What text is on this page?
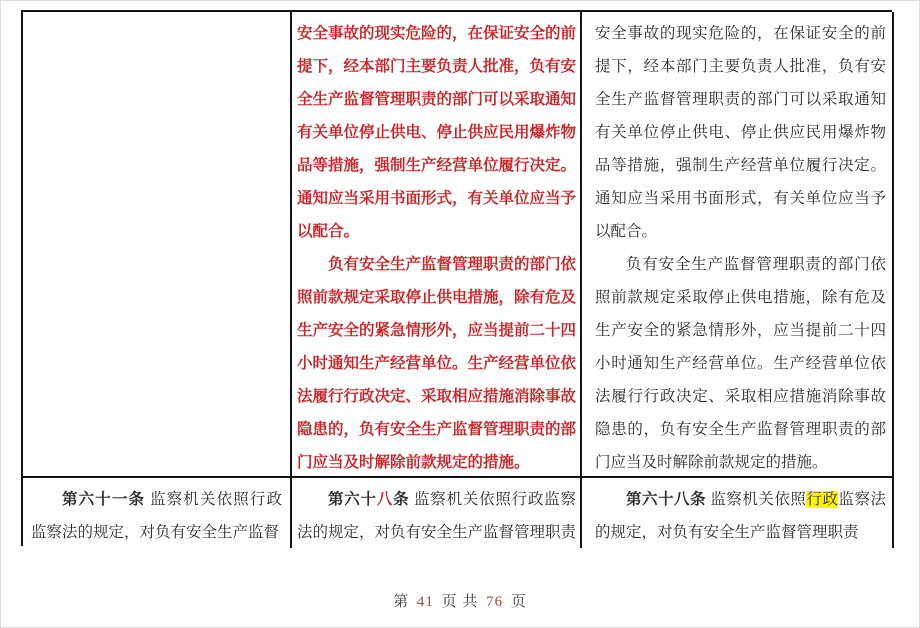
安全事故的现实危险的，在保证安全的前提下，经本部门主要负责人批准，负有安全生产监督管理职责的部门可以采取通知有关单位停止供电、停止供应民用爆炸物品等措施，强制生产经营单位履行决定。通知应当采用书面形式，有关单位应当予以配合。

负有安全生产监督管理职责的部门依照前款规定采取停止供电措施，除有危及生产安全的紧急情形外，应当提前二十四小时通知生产经营单位。生产经营单位依法履行行政决定、采取相应措施消除事故隐患的，负有安全生产监督管理职责的部门应当及时解除前款规定的措施。

安全事故的现实危险的，在保证安全的前提下，经本部门主要负责人批准，负有安全生产监督管理职责的部门可以采取通知有关单位停止供电、停止供应民用爆炸物品等措施，强制生产经营单位履行决定。通知应当采用书面形式，有关单位应当予以配合。

负有安全生产监督管理职责的部门依照前款规定采取停止供电措施，除有危及生产安全的紧急情形外，应当提前二十四小时通知生产经营单位。生产经营单位依法履行行政决定、采取相应措施消除事故隐患的，负有安全生产监督管理职责的部门应当及时解除前款规定的措施。

第六十一条 监察机关依照行政监察法的规定，对负有安全生产监督

第六十八条 监察机关依照行政监察法的规定，对负有安全生产监督管理职责

第六十八条 监察机关依照行政监察法的规定，对负有安全生产监督管理职责

第 41 页 共 76 页
